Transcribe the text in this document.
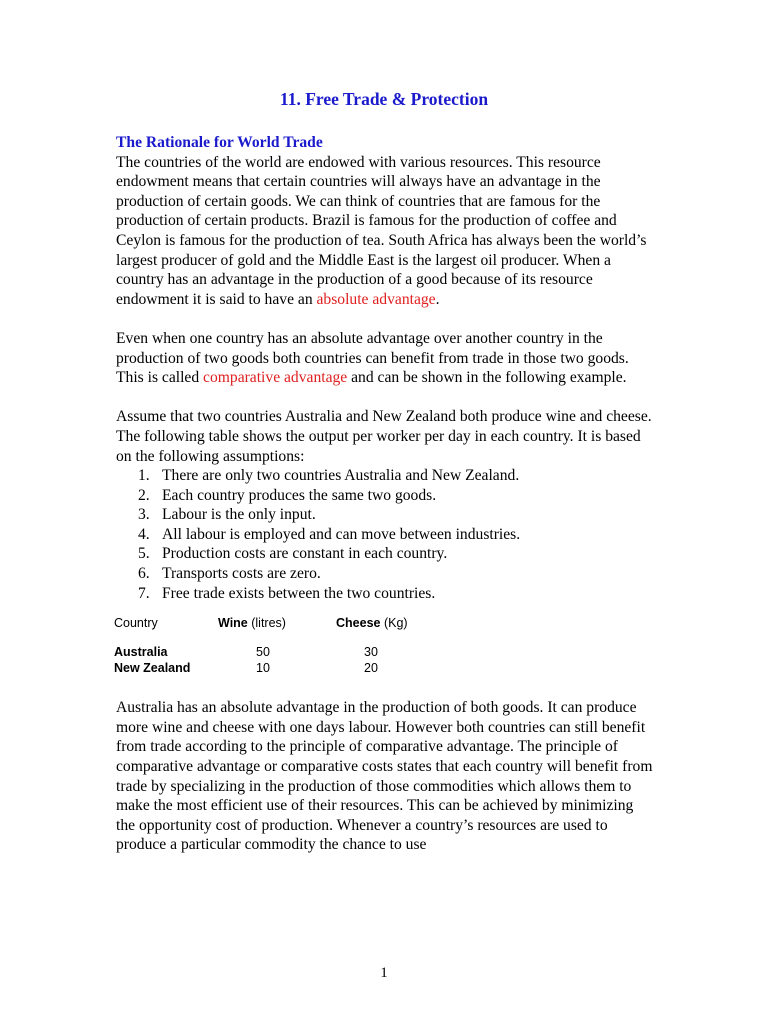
11. Free Trade & Protection

The Rationale for World Trade

The countries of the world are endowed with various resources. This resource endowment means that certain countries will always have an advantage in the production of certain goods. We can think of countries that are famous for the production of certain products. Brazil is famous for the production of coffee and Ceylon is famous for the production of tea. South Africa has always been the world’s largest producer of gold and the Middle East is the largest oil producer. When a country has an advantage in the production of a good because of its resource endowment it is said to have an absolute advantage.

Even when one country has an absolute advantage over another country in the production of two goods both countries can benefit from trade in those two goods. This is called comparative advantage and can be shown in the following example.

Assume that two countries Australia and New Zealand both produce wine and cheese. The following table shows the output per worker per day in each country. It is based on the following assumptions:

1. There are only two countries Australia and New Zealand.
2. Each country produces the same two goods.
3. Labour is the only input.
4. All labour is employed and can move between industries.
5. Production costs are constant in each country.
6. Transports costs are zero.
7. Free trade exists between the two countries.
Country	Wine (litres)	Cheese (Kg)
Australia	50	30
New Zealand	10	20

Australia has an absolute advantage in the production of both goods. It can produce more wine and cheese with one days labour. However both countries can still benefit from trade according to the principle of comparative advantage. The principle of comparative advantage or comparative costs states that each country will benefit from trade by specializing in the production of those commodities which allows them to make the most efficient use of their resources. This can be achieved by minimizing the opportunity cost of production. Whenever a country’s resources are used to produce a particular commodity the chance to use

1
